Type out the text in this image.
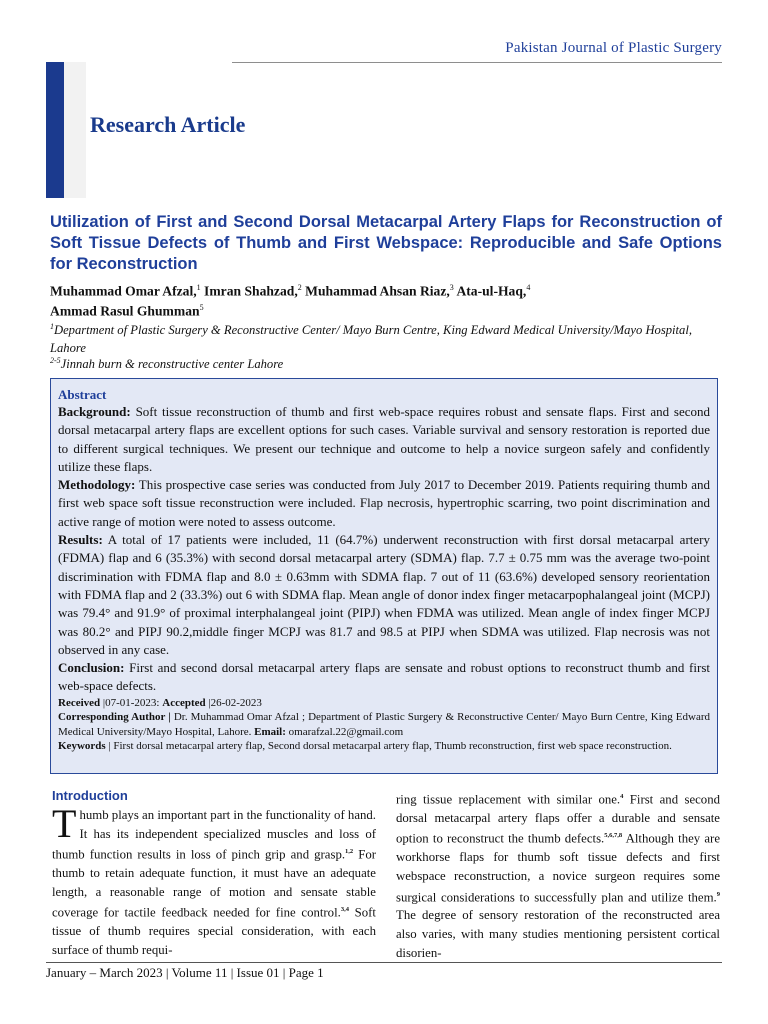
Pakistan Journal of Plastic Surgery
Research Article
Utilization of First and Second Dorsal Metacarpal Artery Flaps for Reconstruction of Soft Tissue Defects of Thumb and First Webspace: Reproducible and Safe Options for Reconstruction
Muhammad Omar Afzal,$^1$ Imran Shahzad,$^2$ Muhammad Ahsan Riaz,$^3$ Ata-ul-Haq,$^4$
Ammad Rasul Ghumman$^5$
$^1$Department of Plastic Surgery & Reconstructive Center/ Mayo Burn Centre, King Edward Medical University/Mayo Hospital, Lahore
$^{2-5}$Jinnah burn & reconstructive center Lahore
Abstract

Background: Soft tissue reconstruction of thumb and first web-space requires robust and sensate flaps. First and second dorsal metacarpal artery flaps are excellent options for such cases. Variable survival and sensory restoration is reported due to different surgical techniques. We present our technique and outcome to help a novice surgeon safely and confidently utilize these flaps.

Methodology: This prospective case series was conducted from July 2017 to December 2019. Patients requiring thumb and first web space soft tissue reconstruction were included. Flap necrosis, hypertrophic scarring, two point discrimination and active range of motion were noted to assess outcome.

Results: A total of 17 patients were included, 11 (64.7%) underwent reconstruction with first dorsal metacarpal artery (FDMA) flap and 6 (35.3%) with second dorsal metacarpal artery (SDMA) flap. 7.7 ± 0.75 mm was the average two-point discrimination with FDMA flap and 8.0 ± 0.63mm with SDMA flap. 7 out of 11 (63.6%) developed sensory reorientation with FDMA flap and 2 (33.3%) out 6 with SDMA flap. Mean angle of donor index finger metacarpophalangeal joint (MCPJ) was 79.4° and 91.9° of proximal interphalangeal joint (PIPJ) when FDMA was utilized. Mean angle of index finger MCPJ was 80.2° and PIPJ 90.2,middle finger MCPJ was 81.7 and 98.5 at PIPJ when SDMA was utilized. Flap necrosis was not observed in any case.

Conclusion: First and second dorsal metacarpal artery flaps are sensate and robust options to reconstruct thumb and first web-space defects.

Received |07-01-2023: Accepted |26-02-2023

Corresponding Author | Dr. Muhammad Omar Afzal ; Department of Plastic Surgery & Reconstructive Center/ Mayo Burn Centre, King Edward Medical University/Mayo Hospital, Lahore. Email: omarafzal.22@gmail.com

Keywords | First dorsal metacarpal artery flap, Second dorsal metacarpal artery flap, Thumb reconstruction, first web space reconstruction.

Introduction

Thumb plays an important part in the functionality of hand. It has its independent specialized muscles and loss of thumb function results in loss of pinch grip and grasp.$^{1,2}$ For thumb to retain adequate function, it must have an adequate length, a reasonable range of motion and sensate stable coverage for tactile feedback needed for fine control.$^{3,4}$ Soft tissue of thumb requires special consideration, with each surface of thumb requi-

ring tissue replacement with similar one.$^4$ First and second dorsal metacarpal artery flaps offer a durable and sensate option to reconstruct the thumb defects.$^{5,6,7,8}$ Although they are workhorse flaps for thumb soft tissue defects and first webspace reconstruction, a novice surgeon requires some surgical considerations to successfully plan and utilize them.$^9$ The degree of sensory restoration of the reconstructed area also varies, with many studies mentioning persistent cortical disorien-

January – March 2023 | Volume 11 | Issue 01 | Page 1
